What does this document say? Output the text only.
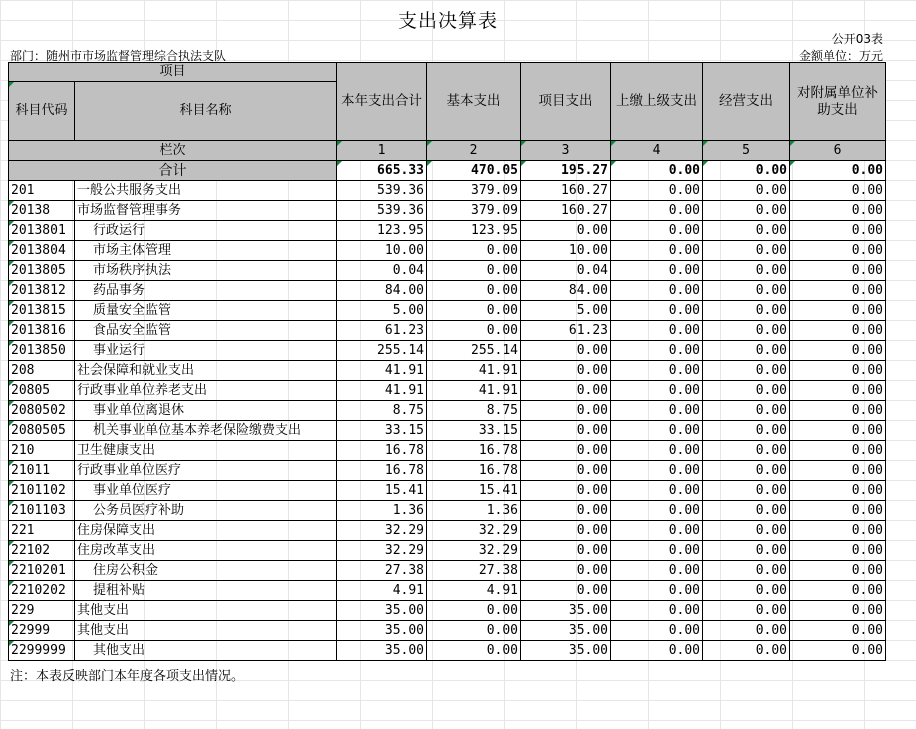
支出决算表
公开03表
部门：随州市市场监督管理综合执法支队	金额单位：万元
项目		本年支出合计	基本支出	项目支出	上缴上级支出	经营支出	对附属单位补助支出
科目代码	科目名称						
栏次		1	2	3	4	5	6
合计		665.33	470.05	195.27	0.00	0.00	0.00
201	一般公共服务支出	539.36	379.09	160.27	0.00	0.00	0.00
20138	市场监督管理事务	539.36	379.09	160.27	0.00	0.00	0.00
2013801	行政运行	123.95	123.95	0.00	0.00	0.00	0.00
2013804	市场主体管理	10.00	0.00	10.00	0.00	0.00	0.00
2013805	市场秩序执法	0.04	0.00	0.04	0.00	0.00	0.00
2013812	药品事务	84.00	0.00	84.00	0.00	0.00	0.00
2013815	质量安全监管	5.00	0.00	5.00	0.00	0.00	0.00
2013816	食品安全监管	61.23	0.00	61.23	0.00	0.00	0.00
2013850	事业运行	255.14	255.14	0.00	0.00	0.00	0.00
208	社会保障和就业支出	41.91	41.91	0.00	0.00	0.00	0.00
20805	行政事业单位养老支出	41.91	41.91	0.00	0.00	0.00	0.00
2080502	事业单位离退休	8.75	8.75	0.00	0.00	0.00	0.00
2080505	机关事业单位基本养老保险缴费支出	33.15	33.15	0.00	0.00	0.00	0.00
210	卫生健康支出	16.78	16.78	0.00	0.00	0.00	0.00
21011	行政事业单位医疗	16.78	16.78	0.00	0.00	0.00	0.00
2101102	事业单位医疗	15.41	15.41	0.00	0.00	0.00	0.00
2101103	公务员医疗补助	1.36	1.36	0.00	0.00	0.00	0.00
221	住房保障支出	32.29	32.29	0.00	0.00	0.00	0.00
22102	住房改革支出	32.29	32.29	0.00	0.00	0.00	0.00
2210201	住房公积金	27.38	27.38	0.00	0.00	0.00	0.00
2210202	提租补贴	4.91	4.91	0.00	0.00	0.00	0.00
229	其他支出	35.00	0.00	35.00	0.00	0.00	0.00
22999	其他支出	35.00	0.00	35.00	0.00	0.00	0.00
2299999	其他支出	35.00	0.00	35.00	0.00	0.00	0.00
注：本表反映部门本年度各项支出情况。
